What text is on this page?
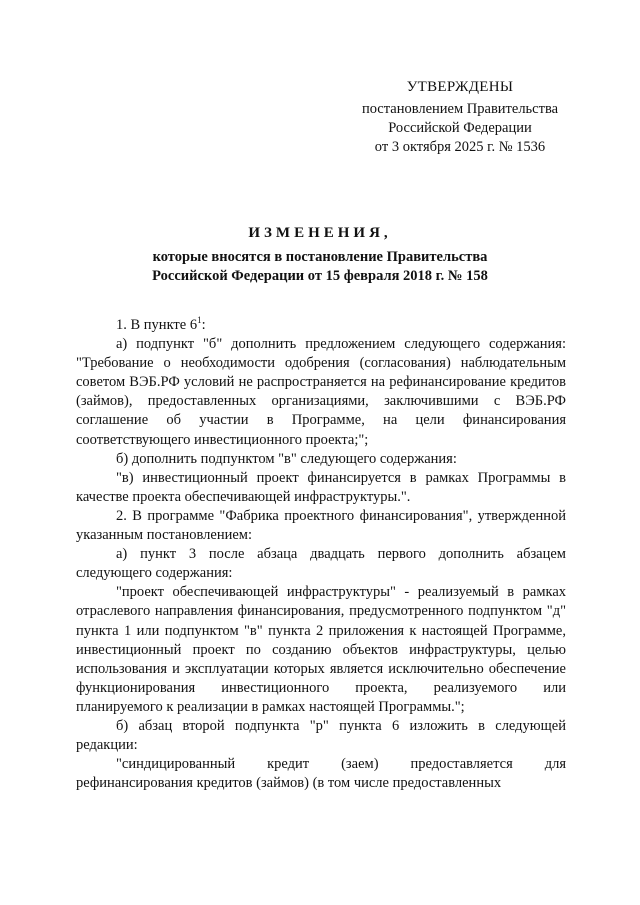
УТВЕРЖДЕНЫ
постановлением Правительства
Российской Федерации
от 3 октября 2025 г. № 1536
ИЗМЕНЕНИЯ,
которые вносятся в постановление Правительства
Российской Федерации от 15 февраля 2018 г. № 158

1. В пункте $6^1$:

а) подпункт "б" дополнить предложением следующего содержания: "Требование о необходимости одобрения (согласования) наблюдательным советом ВЭБ.РФ условий не распространяется на рефинансирование кредитов (займов), предоставленных организациями, заключившими с ВЭБ.РФ соглашение об участии в Программе, на цели финансирования соответствующего инвестиционного проекта;";

б) дополнить подпунктом "в" следующего содержания:

"в) инвестиционный проект финансируется в рамках Программы в качестве проекта обеспечивающей инфраструктуры.".

2. В программе "Фабрика проектного финансирования", утвержденной указанным постановлением:

а) пункт 3 после абзаца двадцать первого дополнить абзацем следующего содержания:

"проект обеспечивающей инфраструктуры" - реализуемый в рамках отраслевого направления финансирования, предусмотренного подпунктом "д" пункта 1 или подпунктом "в" пункта 2 приложения к настоящей Программе, инвестиционный проект по созданию объектов инфраструктуры, целью использования и эксплуатации которых является исключительно обеспечение функционирования инвестиционного проекта, реализуемого или планируемого к реализации в рамках настоящей Программы.";

б) абзац второй подпункта "р" пункта 6 изложить в следующей редакции:

"синдицированный кредит (заем) предоставляется для рефинансирования кредитов (займов) (в том числе предоставленных
